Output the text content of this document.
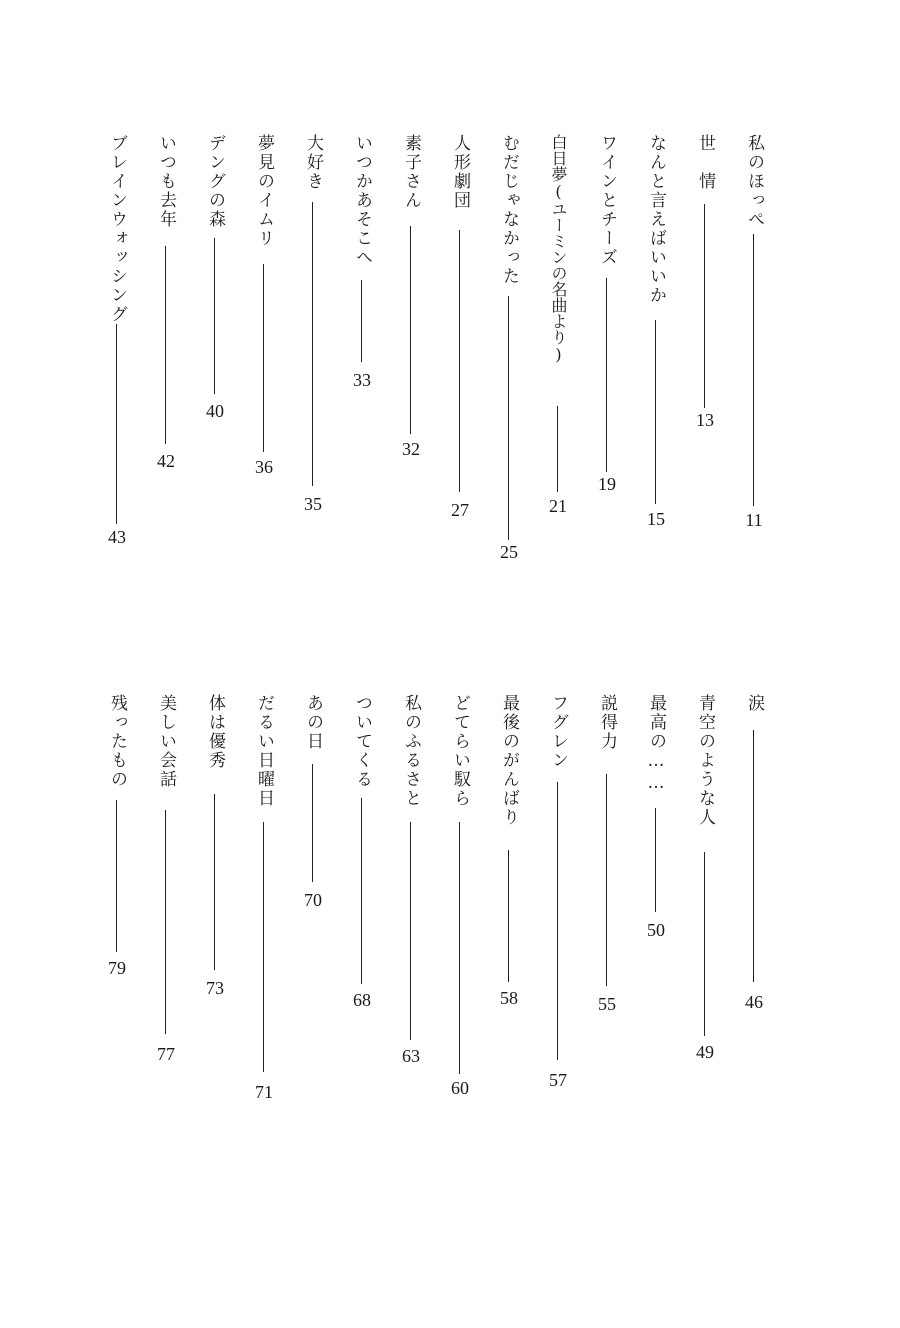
私のほっぺ
11
世　情
13
なんと言えばいいか
15
ワインとチーズ
19
白日夢(ユーミンの名曲より)
21
むだじゃなかった
25
人形劇団
27
素子さん
32
いつかあそこへ
33
大好き
35
夢見のイムリ
36
デングの森
40
いつも去年
42
ブレインウォッシング
43
涙
46
青空のような人
49
最高の……
50
説得力
55
フグレン
57
最後のがんばり
58
どてらい馭ら
60
私のふるさと
63
ついてくる
68
あの日
70
だるい日曜日
71
体は優秀
73
美しい会話
77
残ったもの
79
